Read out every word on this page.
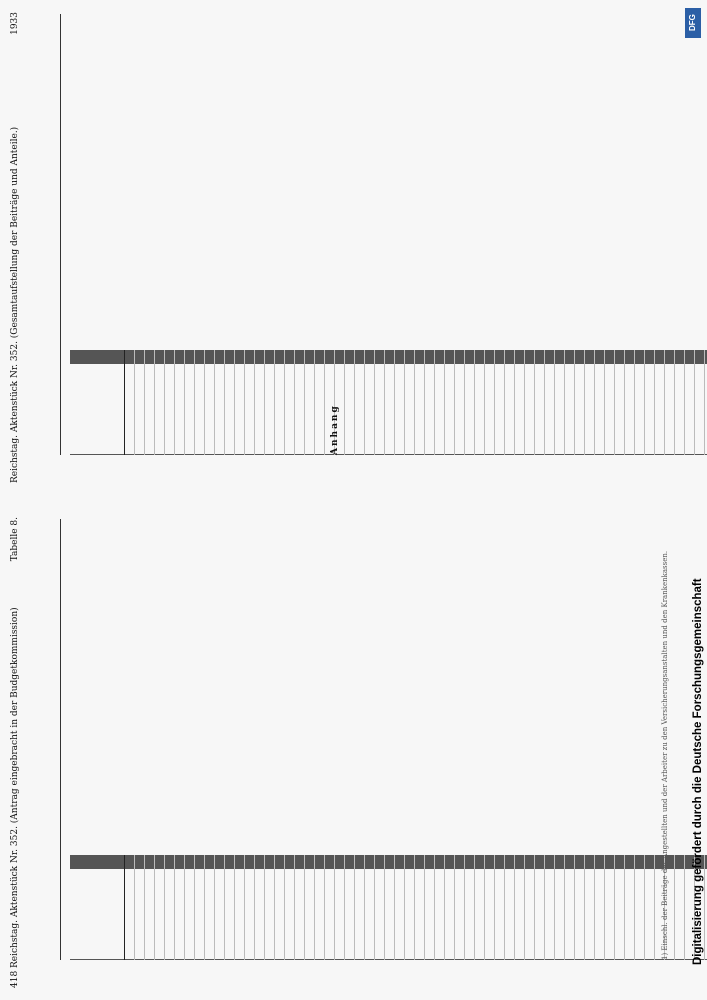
418
Reichstag. Aktenstück Nr. 352. (Antrag eingebracht in der Budgetkommission)
Tabelle 8.

1) Einschl. der Beiträge der Angestellten und der Arbeiter zu den Versicherungsanstalten und den Krankenkassen.
Reichstag. Aktenstück Nr. 352. (Gesamtaufstellung der Beiträge und Anteile.)
1933

Anhang
DFG
Digitalisierung gefördert durch die Deutsche Forschungsgemeinschaft
